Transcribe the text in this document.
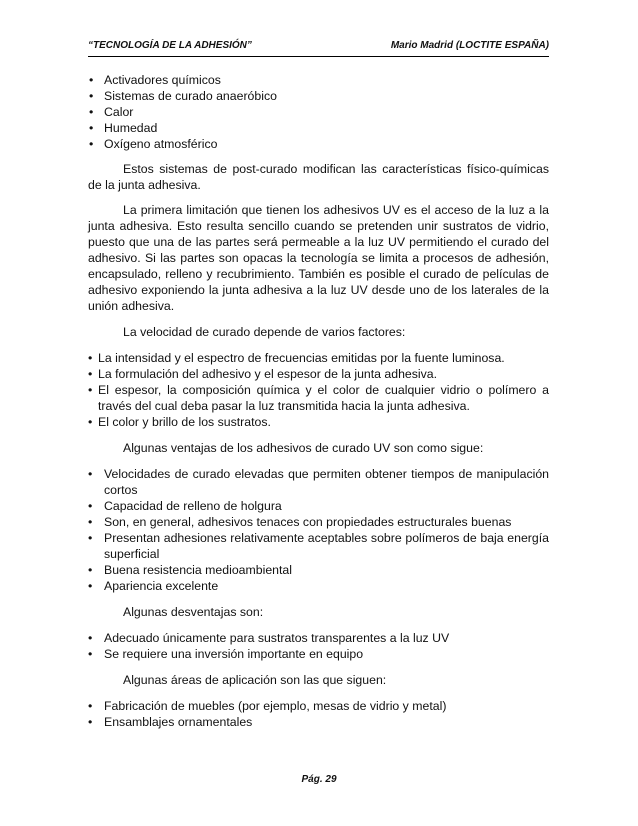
“TECNOLOGÍA DE LA ADHESIÓN”	Mario Madrid (LOCTITE ESPAÑA)
• Activadores químicos
• Sistemas de curado anaeróbico
• Calor
• Humedad
• Oxígeno atmosférico

Estos sistemas de post-curado modifican las características físico-químicas de la junta adhesiva.

La primera limitación que tienen los adhesivos UV es el acceso de la luz a la junta adhesiva. Esto resulta sencillo cuando se pretenden unir sustratos de vidrio, puesto que una de las partes será permeable a la luz UV permitiendo el curado del adhesivo. Si las partes son opacas la tecnología se limita a procesos de adhesión, encapsulado, relleno y recubrimiento. También es posible el curado de películas de adhesivo exponiendo la junta adhesiva a la luz UV desde uno de los laterales de la unión adhesiva.

La velocidad de curado depende de varios factores:

• La intensidad y el espectro de frecuencias emitidas por la fuente luminosa.
• La formulación del adhesivo y el espesor de la junta adhesiva.
• El espesor, la composición química y el color de cualquier vidrio o polímero a través del cual deba pasar la luz transmitida hacia la junta adhesiva.
• El color y brillo de los sustratos.

Algunas ventajas de los adhesivos de curado UV son como sigue:

• Velocidades de curado elevadas que permiten obtener tiempos de manipulación cortos
• Capacidad de relleno de holgura
• Son, en general, adhesivos tenaces con propiedades estructurales buenas
• Presentan adhesiones relativamente aceptables sobre polímeros de baja energía superficial
• Buena resistencia medioambiental
• Apariencia excelente

Algunas desventajas son:

• Adecuado únicamente para sustratos transparentes a la luz UV
• Se requiere una inversión importante en equipo

Algunas áreas de aplicación son las que siguen:

• Fabricación de muebles (por ejemplo, mesas de vidrio y metal)
• Ensamblajes ornamentales
Pág. 29
